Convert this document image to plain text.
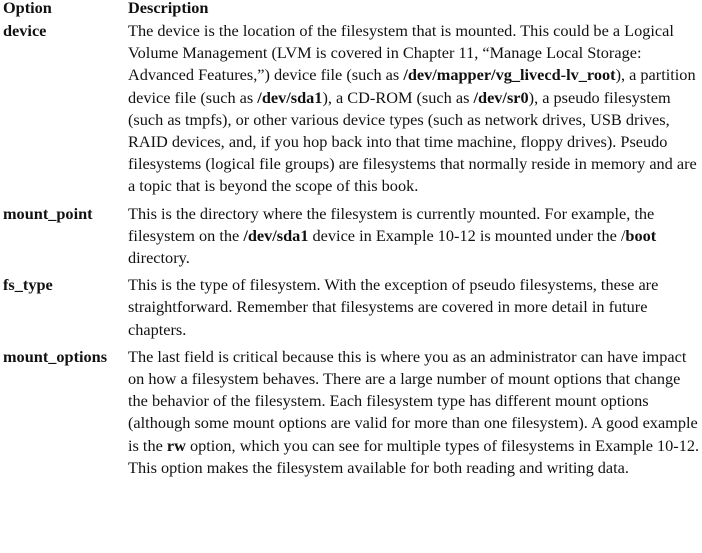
Option	Description
device	The device is the location of the filesystem that is mounted. This could be a Logical Volume Management (LVM is covered in Chapter 11, “Manage Local Storage: Advanced Features,”) device file (such as /dev/mapper/vg_livecd-lv_root), a partition device file (such as /dev/sda1), a CD-ROM (such as /dev/sr0), a pseudo filesystem (such as tmpfs), or other various device types (such as network drives, USB drives, RAID devices, and, if you hop back into that time machine, floppy drives). Pseudo filesystems (logical file groups) are filesystems that normally reside in memory and are a topic that is beyond the scope of this book.
mount_point	This is the directory where the filesystem is currently mounted. For example, the filesystem on the /dev/sda1 device in Example 10-12 is mounted under the /boot directory.
fs_type	This is the type of filesystem. With the exception of pseudo filesystems, these are straightforward. Remember that filesystems are covered in more detail in future chapters.
mount_options	The last field is critical because this is where you as an administrator can have impact on how a filesystem behaves. There are a large number of mount options that change the behavior of the filesystem. Each filesystem type has different mount options (although some mount options are valid for more than one filesystem). A good example is the rw option, which you can see for multiple types of filesystems in Example 10-12. This option makes the filesystem available for both reading and writing data.
